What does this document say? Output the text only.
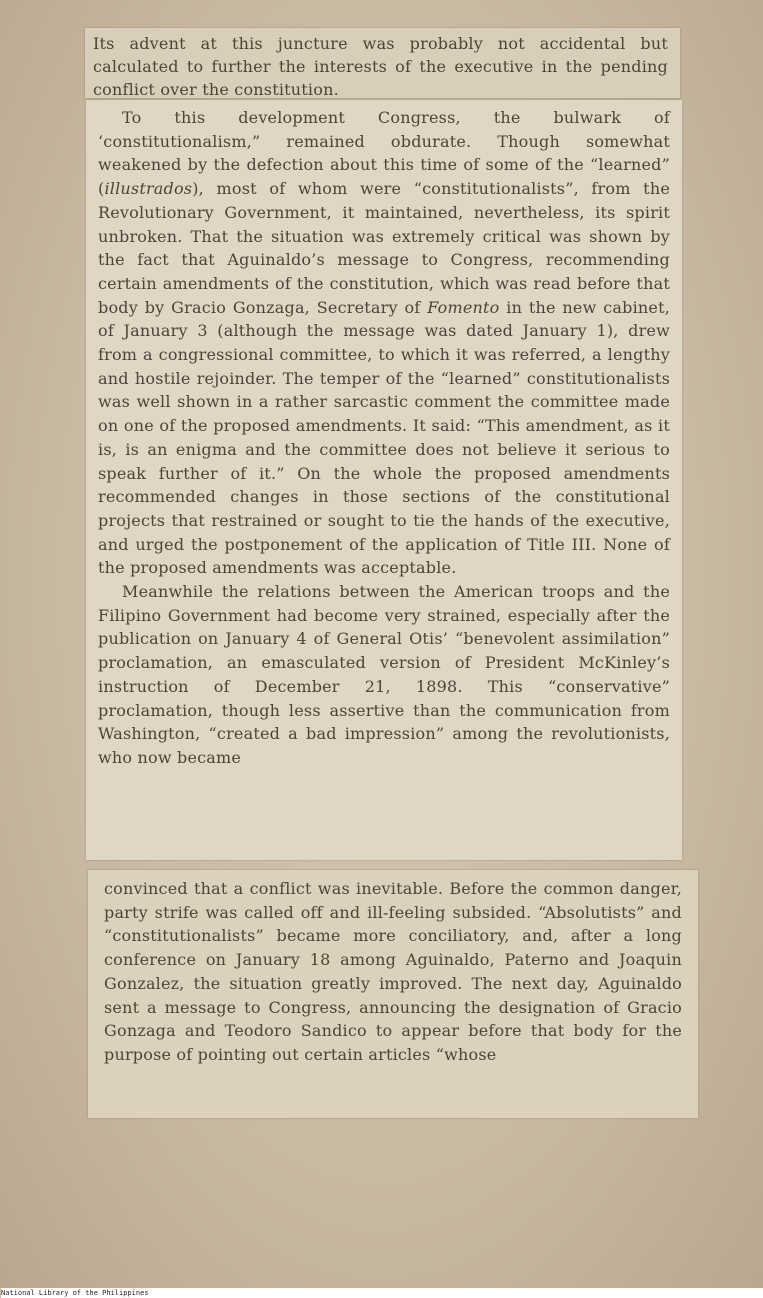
Its advent at this juncture was probably not accidental but calculated to further the interests of the executive in the pending conflict over the constitution.

To this development Congress, the bulwark of ‘constitutionalism,” remained obdurate. Though somewhat weakened by the defection about this time of some of the “learned” (illustrados), most of whom were “constitutionalists”, from the Revolutionary Government, it maintained, nevertheless, its spirit unbroken. That the situation was extremely critical was shown by the fact that Aguinaldo’s message to Congress, recommending certain amendments of the constitution, which was read before that body by Gracio Gonzaga, Secretary of Fomento in the new cabinet, of January 3 (although the message was dated January 1), drew from a congressional committee, to which it was referred, a lengthy and hostile rejoinder. The temper of the “learned” constitutionalists was well shown in a rather sarcastic comment the committee made on one of the proposed amendments. It said: “This amendment, as it is, is an enigma and the committee does not believe it serious to speak further of it.” On the whole the proposed amendments recommended changes in those sections of the constitutional projects that restrained or sought to tie the hands of the executive, and urged the postponement of the application of Title III. None of the proposed amendments was acceptable.

Meanwhile the relations between the American troops and the Filipino Government had become very strained, especially after the publication on January 4 of General Otis’ “benevolent assimilation” proclamation, an emasculated version of President McKinley’s instruction of December 21, 1898. This “conservative” proclamation, though less assertive than the communication from Washington, “created a bad impression” among the revolutionists, who now became

convinced that a conflict was inevitable. Before the common danger, party strife was called off and ill-feeling subsided. “Absolutists” and “constitutionalists” became more conciliatory, and, after a long conference on January 18 among Aguinaldo, Paterno and Joaquin Gonzalez, the situation greatly improved. The next day, Aguinaldo sent a message to Congress, announcing the designation of Gracio Gonzaga and Teodoro Sandico to appear before that body for the purpose of pointing out certain articles “whose

National Library of the Philippines
